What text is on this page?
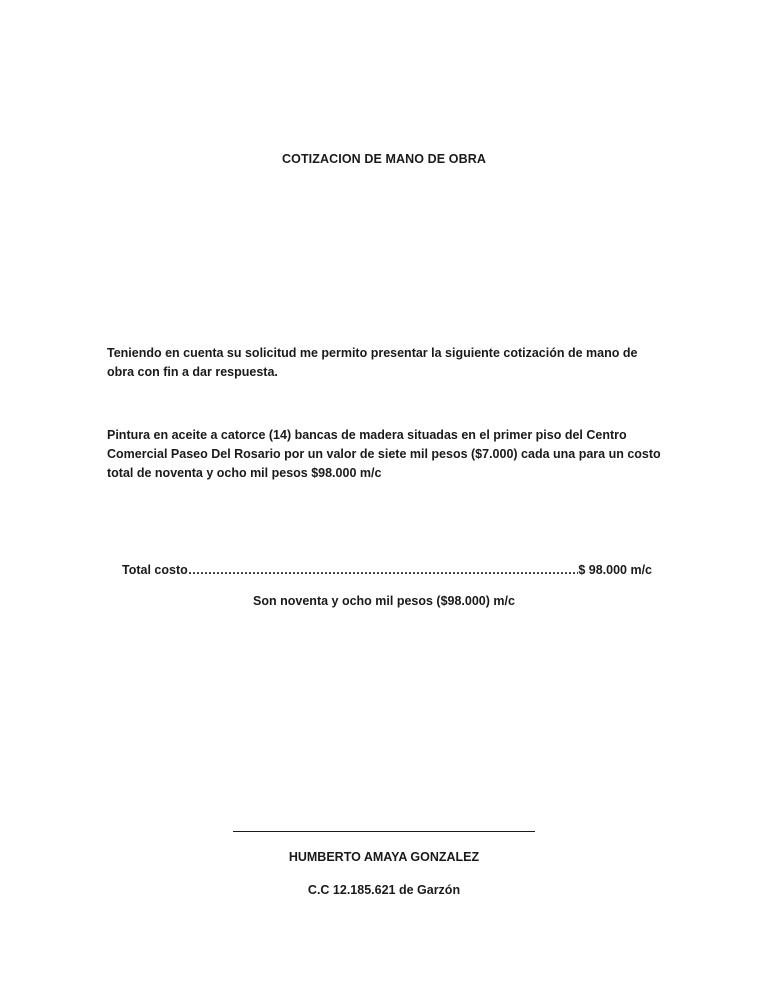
COTIZACION DE MANO DE OBRA
Teniendo en cuenta su solicitud me permito presentar la siguiente cotización de mano de obra con fin a dar respuesta.
Pintura en aceite a catorce (14) bancas de madera situadas en el primer piso del Centro Comercial Paseo Del Rosario por un valor de siete mil pesos ($7.000) cada una para un costo total de noventa y ocho mil pesos $98.000 m/c
Total costo
………………………………………………………………………………………………………………………………………………………………………………	$ 98.000 m/c
Son noventa y ocho mil pesos ($98.000) m/c
HUMBERTO AMAYA GONZALEZ
C.C 12.185.621 de Garzón
